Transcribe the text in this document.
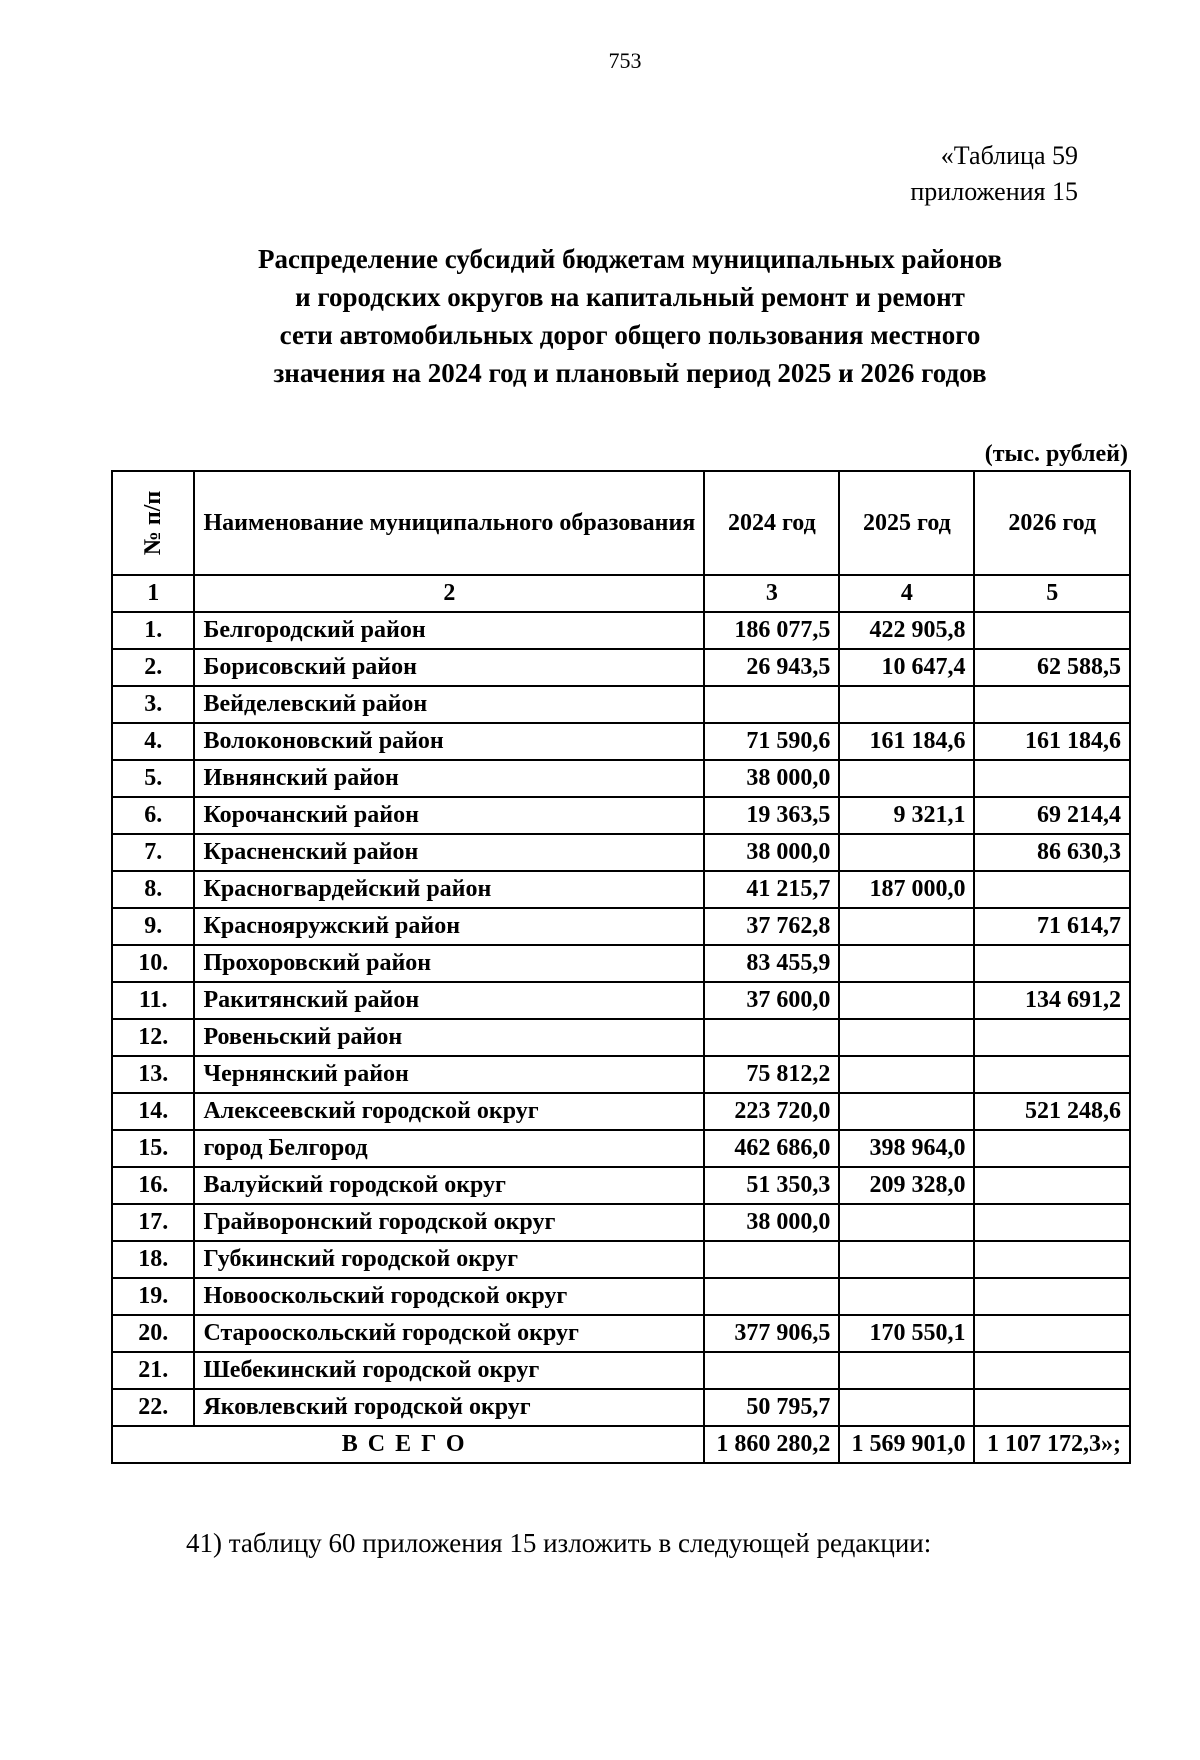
753
«Таблица 59
приложения 15
Распределение субсидий бюджетам муниципальных районов
и городских округов на капитальный ремонт и ремонт
сети автомобильных дорог общего пользования местного
значения на 2024 год и плановый период 2025 и 2026 годов
(тыс. рублей)
№ п/п	Наименование муниципального образования	2024 год	2025 год	2026 год
1	2	3	4	5
1.	Белгородский район	186 077,5	422 905,8	
2.	Борисовский район	26 943,5	10 647,4	62 588,5
3.	Вейделевский район			
4.	Волоконовский район	71 590,6	161 184,6	161 184,6
5.	Ивнянский район	38 000,0		
6.	Корочанский район	19 363,5	9 321,1	69 214,4
7.	Красненский район	38 000,0		86 630,3
8.	Красногвардейский район	41 215,7	187 000,0	
9.	Краснояружский район	37 762,8		71 614,7
10.	Прохоровский район	83 455,9		
11.	Ракитянский район	37 600,0		134 691,2
12.	Ровеньский район			
13.	Чернянский район	75 812,2		
14.	Алексеевский городской округ	223 720,0		521 248,6
15.	город Белгород	462 686,0	398 964,0	
16.	Валуйский городской округ	51 350,3	209 328,0	
17.	Грайворонский городской округ	38 000,0		
18.	Губкинский городской округ			
19.	Новооскольский городской округ			
20.	Старооскольский городской округ	377 906,5	170 550,1	
21.	Шебекинский городской округ			
22.	Яковлевский городской округ	50 795,7		
ВСЕГО		1 860 280,2	1 569 901,0	1 107 172,3»;
41) таблицу 60 приложения 15 изложить в следующей редакции:
